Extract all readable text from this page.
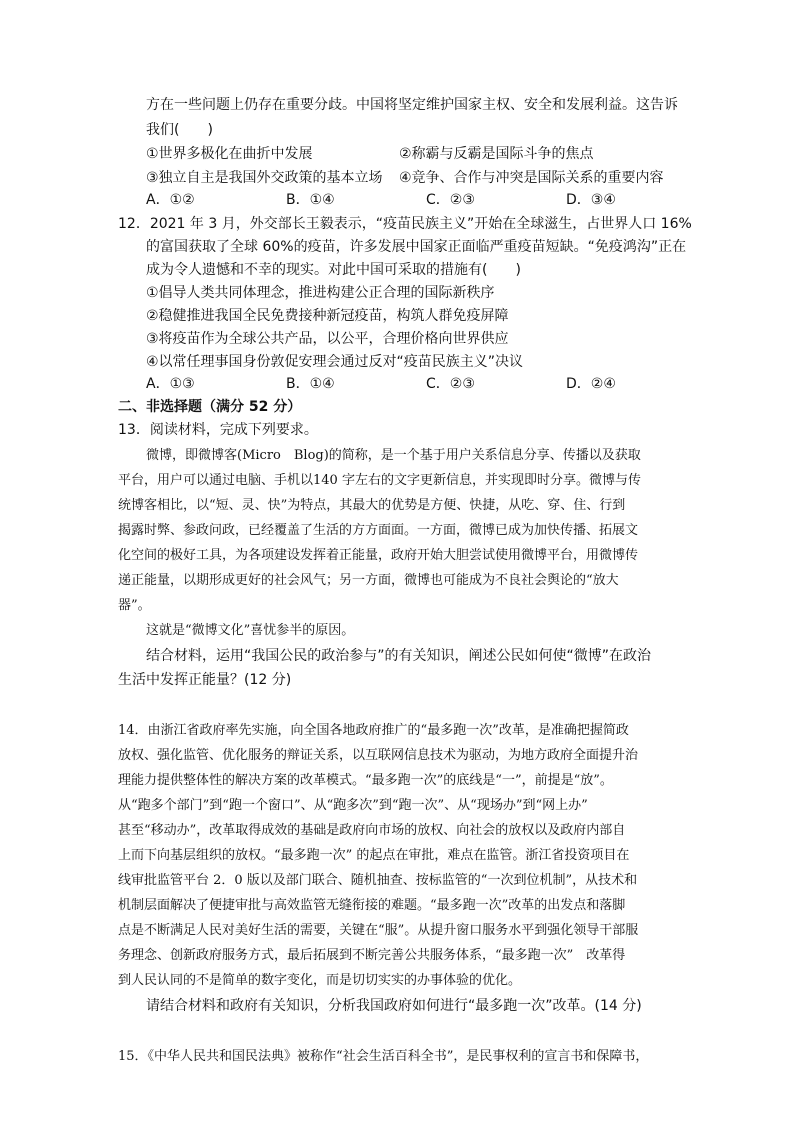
方在一些问题上仍存在重要分歧。中国将坚定维护国家主权、安全和发展利益。这告诉
我们(　　)
①世界多极化在曲折中发展	②称霸与反霸是国际斗争的焦点
③独立自主是我国外交政策的基本立场 ④竞争、合作与冲突是国际关系的重要内容
A．①②	B．①④	C．②③	D．③④
12．2021 年 3 月，外交部长王毅表示，“疫苗民族主义”开始在全球滋生，占世界人口 16%
的富国获取了全球 60%的疫苗，许多发展中国家正面临严重疫苗短缺。“免疫鸿沟”正在
成为令人遗憾和不幸的现实。对此中国可采取的措施有(　　)
①倡导人类共同体理念，推进构建公正合理的国际新秩序
②稳健推进我国全民免费接种新冠疫苗，构筑人群免疫屏障
③将疫苗作为全球公共产品，以公平，合理价格向世界供应
④以常任理事国身份敦促安理会通过反对“疫苗民族主义”决议
A．①③	B．①④	C．②③	D．②④
二、非选择题（满分 52 分）
13．阅读材料，完成下列要求。
微博，即微博客(Micro　Blog)的简称，是一个基于用户关系信息分享、传播以及获取
平台，用户可以通过电脑、手机以140 字左右的文字更新信息，并实现即时分享。微博与传
统博客相比，以“短、灵、快”为特点，其最大的优势是方便、快捷，从吃、穿、住、行到
揭露时弊、参政问政，已经覆盖了生活的方方面面。一方面，微博已成为加快传播、拓展文
化空间的极好工具，为各项建设发挥着正能量，政府开始大胆尝试使用微博平台，用微博传
递正能量，以期形成更好的社会风气；另一方面，微博也可能成为不良社会舆论的“放大
器”。
这就是“微博文化”喜忧参半的原因。
结合材料，运用“我国公民的政治参与”的有关知识，阐述公民如何使“微博”在政治
生活中发挥正能量？(12 分)
14．由浙江省政府率先实施，向全国各地政府推广的“最多跑一次”改革，是准确把握简政
放权、强化监管、优化服务的辩证关系，以互联网信息技术为驱动，为地方政府全面提升治
理能力提供整体性的解决方案的改革模式。“最多跑一次”的底线是“一”，前提是“放”。
从“跑多个部门”到“跑一个窗口”、从“跑多次”到“跑一次”、从“现场办”到“网上办”
甚至“移动办”，改革取得成效的基础是政府向市场的放权、向社会的放权以及政府内部自
上而下向基层组织的放权。“最多跑一次” 的起点在审批，难点在监管。浙江省投资项目在
线审批监管平台 2．0 版以及部门联合、随机抽查、按标监管的“一次到位机制”，从技术和
机制层面解决了便捷审批与高效监管无缝衔接的难题。“最多跑一次”改革的出发点和落脚
点是不断满足人民对美好生活的需要，关键在“服”。从提升窗口服务水平到强化领导干部服
务理念、创新政府服务方式，最后拓展到不断完善公共服务体系，“最多跑一次”　改革得
到人民认同的不是简单的数字变化，而是切切实实的办事体验的优化。
请结合材料和政府有关知识，分析我国政府如何进行“最多跑一次”改革。(14 分)
15．《中华人民共和国民法典》被称作“社会生活百科全书”，是民事权利的宣言书和保障书，
